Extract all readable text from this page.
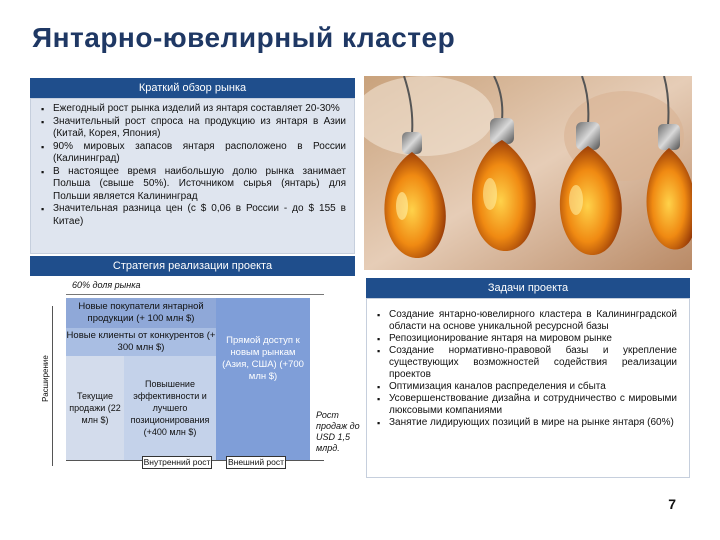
Янтарно-ювелирный кластер
Краткий обзор рынка
▪ Ежегодный рост рынка изделий из янтаря составляет 20-30%
▪ Значительный рост спроса на продукцию из янтаря в Азии (Китай, Корея, Япония)
▪ 90% мировых запасов янтаря расположено в России (Калининград)
▪ В настоящее время наибольшую долю рынка занимает Польша (свыше 50%). Источником сырья (янтарь) для Польши является Калининград
▪ Значительная разница цен (с $ 0,06 в России - до $ 155 в Китае)
Стратегия реализации проекта
60% доля рынка
Расширение
Новые покупатели янтарной продукции (+ 100 млн $)
Новые клиенты от конкурентов (+ 300 млн $)
Текущие продажи (22 млн $)
Повышение эффективности и лучшего позиционирования (+400 млн $)
Прямой доступ к новым рынкам (Азия, США) (+700 млн $)
Внутренний рост Внешний рост
Рост продаж до USD 1,5 млрд.
Задачи проекта
▪ Создание янтарно-ювелирного кластера в Калининградской области на основе уникальной ресурсной базы
▪ Репозиционирование янтаря на мировом рынке
▪ Создание нормативно-правовой базы и укрепление существующих возможностей содействия реализации проектов
▪ Оптимизация каналов распределения и сбыта
▪ Усовершенствование дизайна и сотрудничество с мировыми люксовыми компаниями
▪ Занятие лидирующих позиций в мире на рынке янтаря (60%)
7
